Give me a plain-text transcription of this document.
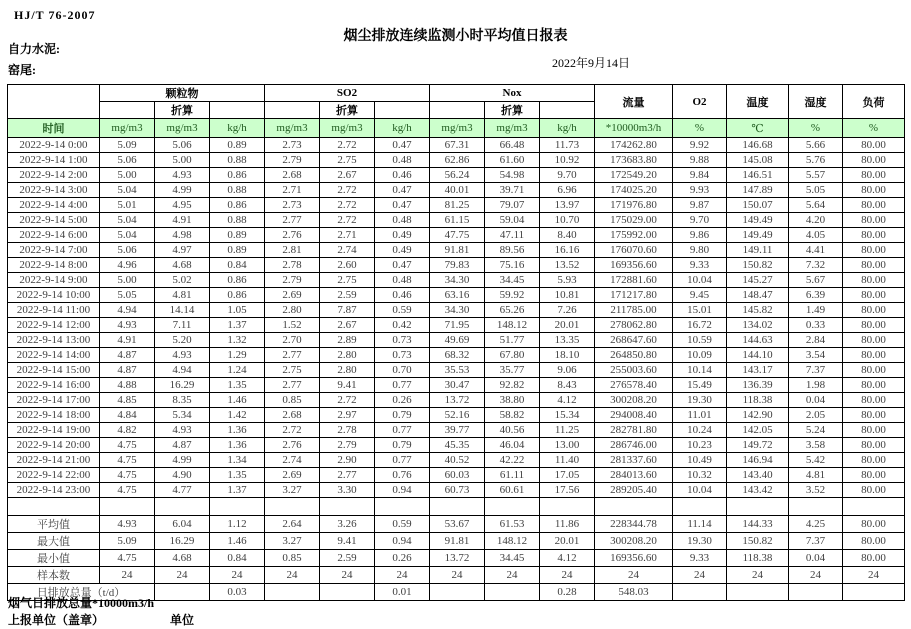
HJ/T 76-2007
烟尘排放连续监测小时平均值日报表
自力水泥:
2022年9月14日
窑尾:
	颗粒物			SO2			Nox			流量	O2	温度	湿度	负荷
		折算			折算			折算						
时间	mg/m3	mg/m3	kg/h	mg/m3	mg/m3	kg/h	mg/m3	mg/m3	kg/h	*10000m3/h	%	℃	%	%
2022-9-14 0:00	5.09	5.06	0.89	2.73	2.72	0.47	67.31	66.48	11.73	174262.80	9.92	146.68	5.66	80.00
2022-9-14 1:00	5.06	5.00	0.88	2.79	2.75	0.48	62.86	61.60	10.92	173683.80	9.88	145.08	5.76	80.00
2022-9-14 2:00	5.00	4.93	0.86	2.68	2.67	0.46	56.24	54.98	9.70	172549.20	9.84	146.51	5.57	80.00
2022-9-14 3:00	5.04	4.99	0.88	2.71	2.72	0.47	40.01	39.71	6.96	174025.20	9.93	147.89	5.05	80.00
2022-9-14 4:00	5.01	4.95	0.86	2.73	2.72	0.47	81.25	79.07	13.97	171976.80	9.87	150.07	5.64	80.00
2022-9-14 5:00	5.04	4.91	0.88	2.77	2.72	0.48	61.15	59.04	10.70	175029.00	9.70	149.49	4.20	80.00
2022-9-14 6:00	5.04	4.98	0.89	2.76	2.71	0.49	47.75	47.11	8.40	175992.00	9.86	149.49	4.05	80.00
2022-9-14 7:00	5.06	4.97	0.89	2.81	2.74	0.49	91.81	89.56	16.16	176070.60	9.80	149.11	4.41	80.00
2022-9-14 8:00	4.96	4.68	0.84	2.78	2.60	0.47	79.83	75.16	13.52	169356.60	9.33	150.82	7.32	80.00
2022-9-14 9:00	5.00	5.02	0.86	2.79	2.75	0.48	34.30	34.45	5.93	172881.60	10.04	145.27	5.67	80.00
2022-9-14 10:00	5.05	4.81	0.86	2.69	2.59	0.46	63.16	59.92	10.81	171217.80	9.45	148.47	6.39	80.00
2022-9-14 11:00	4.94	14.14	1.05	2.80	7.87	0.59	34.30	65.26	7.26	211785.00	15.01	145.82	1.49	80.00
2022-9-14 12:00	4.93	7.11	1.37	1.52	2.67	0.42	71.95	148.12	20.01	278062.80	16.72	134.02	0.33	80.00
2022-9-14 13:00	4.91	5.20	1.32	2.70	2.89	0.73	49.69	51.77	13.35	268647.60	10.59	144.63	2.84	80.00
2022-9-14 14:00	4.87	4.93	1.29	2.77	2.80	0.73	68.32	67.80	18.10	264850.80	10.09	144.10	3.54	80.00
2022-9-14 15:00	4.87	4.94	1.24	2.75	2.80	0.70	35.53	35.77	9.06	255003.60	10.14	143.17	7.37	80.00
2022-9-14 16:00	4.88	16.29	1.35	2.77	9.41	0.77	30.47	92.82	8.43	276578.40	15.49	136.39	1.98	80.00
2022-9-14 17:00	4.85	8.35	1.46	0.85	2.72	0.26	13.72	38.80	4.12	300208.20	19.30	118.38	0.04	80.00
2022-9-14 18:00	4.84	5.34	1.42	2.68	2.97	0.79	52.16	58.82	15.34	294008.40	11.01	142.90	2.05	80.00
2022-9-14 19:00	4.82	4.93	1.36	2.72	2.78	0.77	39.77	40.56	11.25	282781.80	10.24	142.05	5.24	80.00
2022-9-14 20:00	4.75	4.87	1.36	2.76	2.79	0.79	45.35	46.04	13.00	286746.00	10.23	149.72	3.58	80.00
2022-9-14 21:00	4.75	4.99	1.34	2.74	2.90	0.77	40.52	42.22	11.40	281337.60	10.49	146.94	5.42	80.00
2022-9-14 22:00	4.75	4.90	1.35	2.69	2.77	0.76	60.03	61.11	17.05	284013.60	10.32	143.40	4.81	80.00
2022-9-14 23:00	4.75	4.77	1.37	3.27	3.30	0.94	60.73	60.61	17.56	289205.40	10.04	143.42	3.52	80.00

平均值	4.93	6.04	1.12	2.64	3.26	0.59	53.67	61.53	11.86	228344.78	11.14	144.33	4.25	80.00
最大值	5.09	16.29	1.46	3.27	9.41	0.94	91.81	148.12	20.01	300208.20	19.30	150.82	7.37	80.00
最小值	4.75	4.68	0.84	0.85	2.59	0.26	13.72	34.45	4.12	169356.60	9.33	118.38	0.04	80.00
样本数	24	24	24	24	24	24	24	24	24	24	24	24	24	24
日排放总量（t/d）			0.03			0.01			0.28	548.03				
烟气日排放总量*10000m3/h
上报单位（盖章）	单位
